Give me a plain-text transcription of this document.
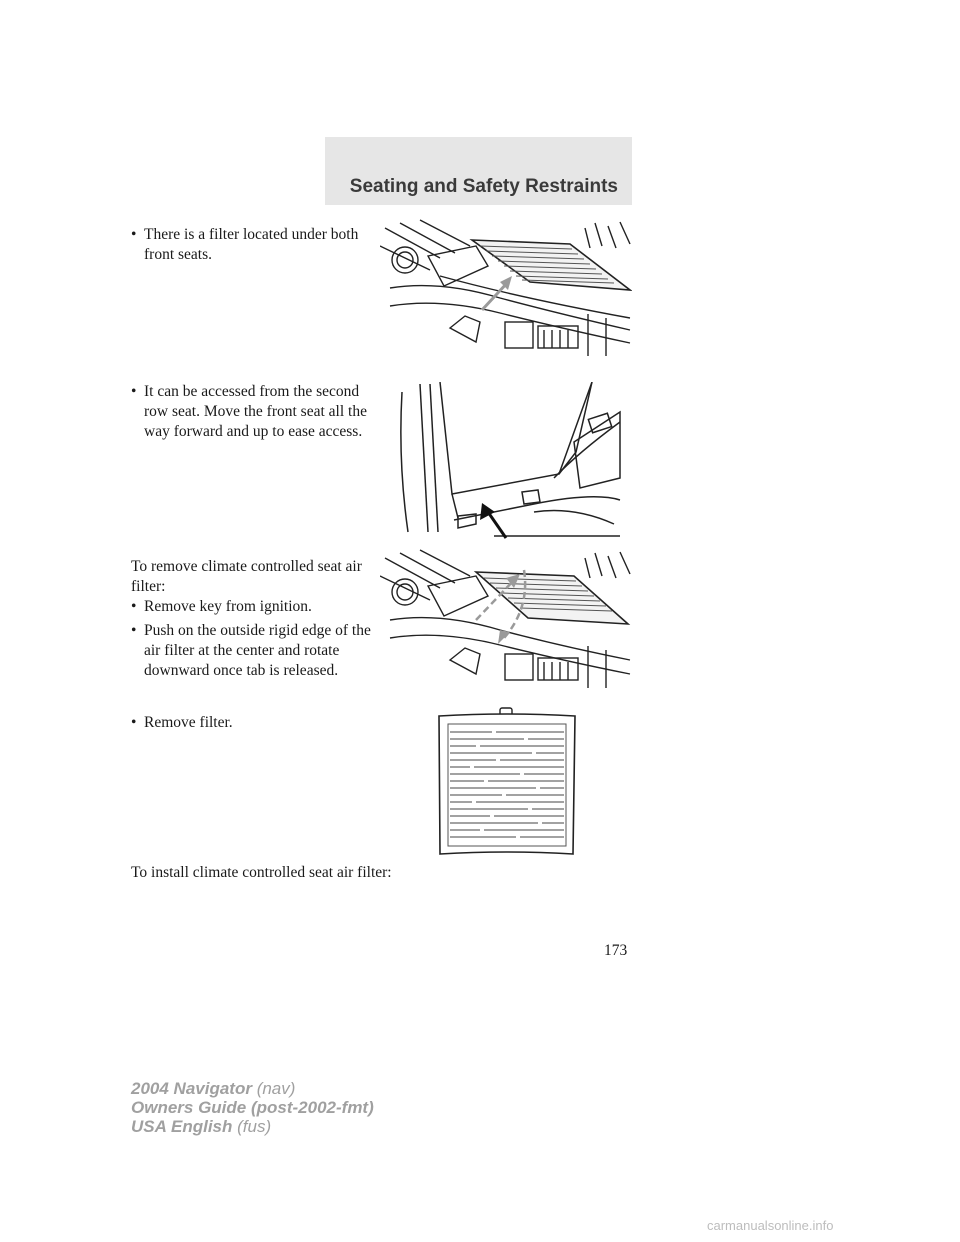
Seating and Safety Restraints
• There is a filter located under both front seats.
• It can be accessed from the second row seat. Move the front seat all the way forward and up to ease access.
To remove climate controlled seat air filter:
• Remove key from ignition.
• Push on the outside rigid edge of the air filter at the center and rotate downward once tab is released.
• Remove filter.
To install climate controlled seat air filter:
173
2004 Navigator (nav)
Owners Guide (post-2002-fmt)
USA English (fus)
carmanualsonline.info
